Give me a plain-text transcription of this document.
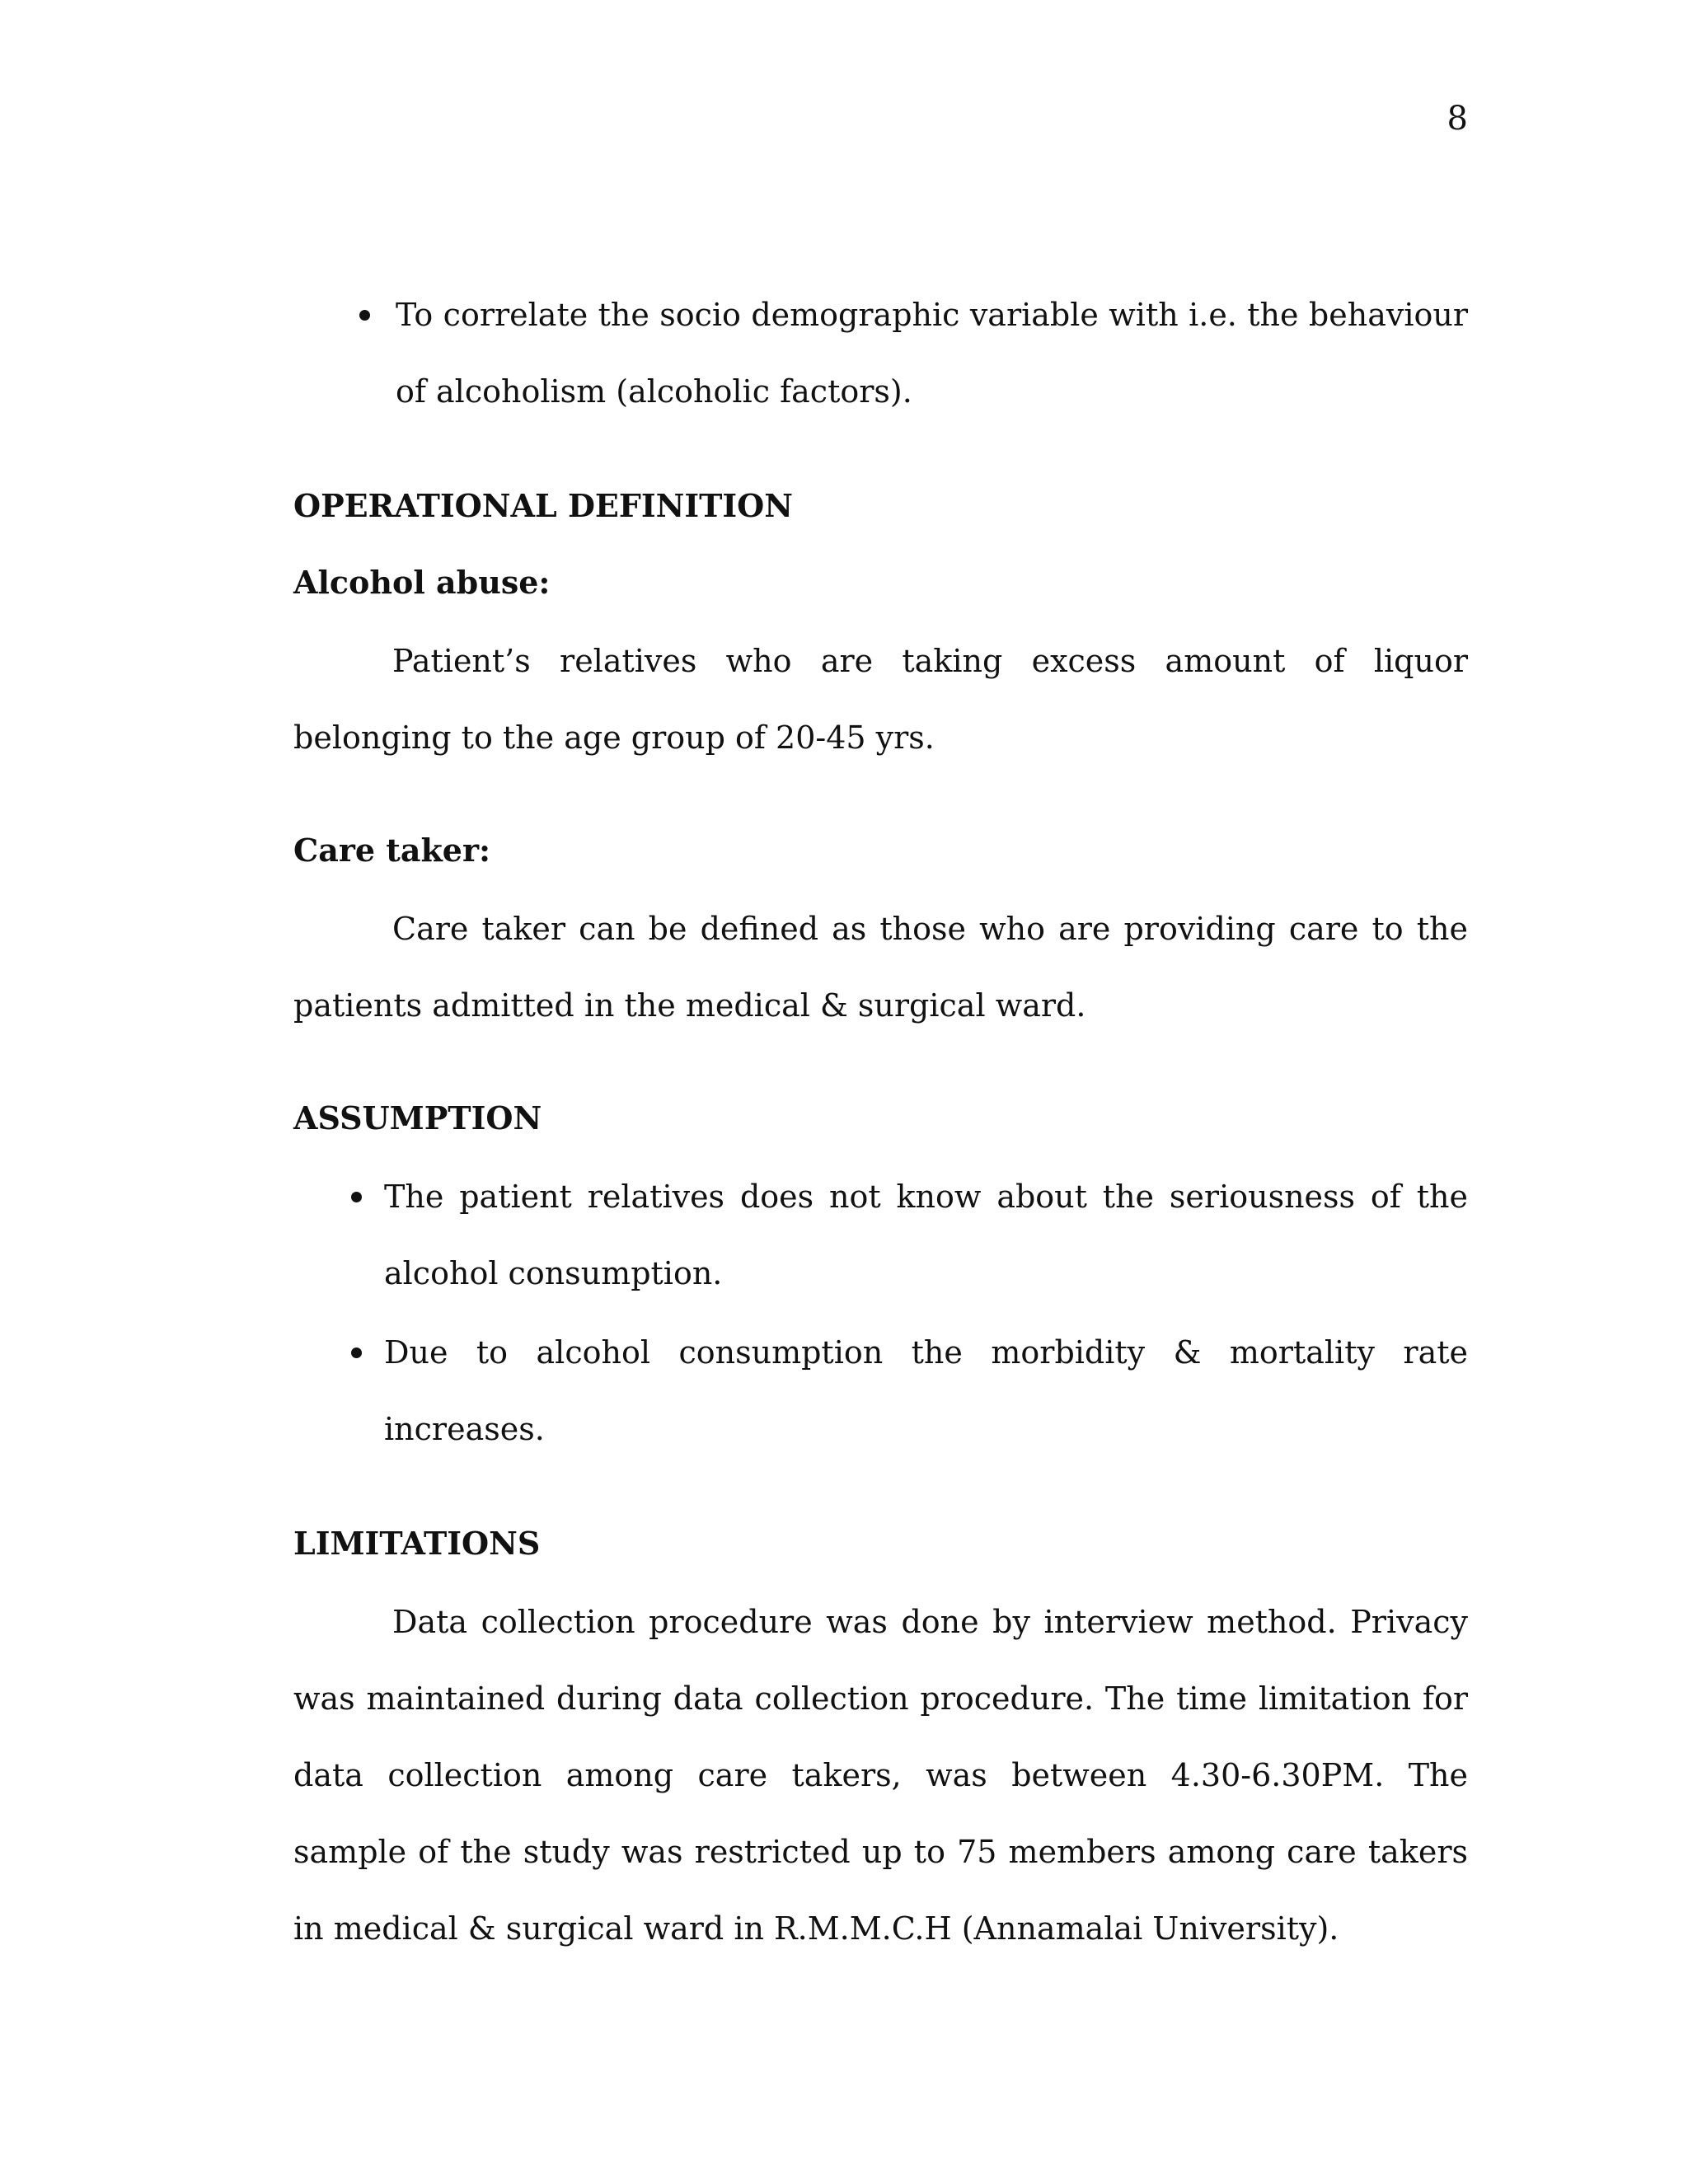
8
To correlate the socio demographic variable with i.e. the behaviour of alcoholism (alcoholic factors).
OPERATIONAL DEFINITION
Alcohol abuse:

Patient’s relatives who are taking excess amount of liquor belonging to the age group of 20-45 yrs.

Care taker:

Care taker can be defined as those who are providing care to the patients admitted in the medical & surgical ward.

ASSUMPTION
The patient relatives does not know about the seriousness of the alcohol consumption.
Due to alcohol consumption the morbidity & mortality rate increases.
LIMITATIONS

Data collection procedure was done by interview method. Privacy was maintained during data collection procedure. The time limitation for data collection among care takers, was between 4.30-6.30PM. The sample of the study was restricted up to 75 members among care takers in medical & surgical ward in R.M.M.C.H (Annamalai University).
